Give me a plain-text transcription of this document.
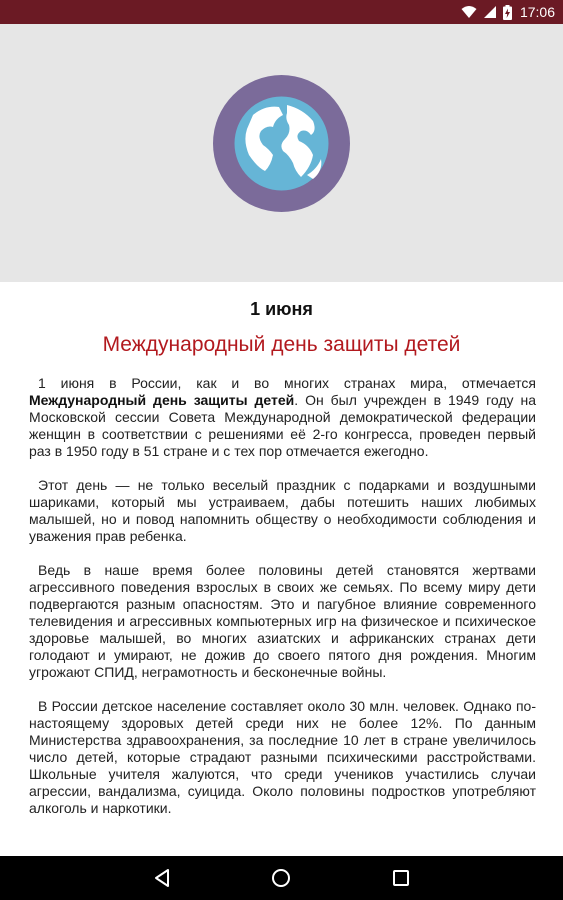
17:06
1 июня
Международный день защиты детей

1 июня в России, как и во многих странах мира, отмечается Международный день защиты детей. Он был учрежден в 1949 году на Московской сессии Совета Международной демократической федерации женщин в соответствии с решениями её 2-го конгресса, проведен первый раз в 1950 году в 51 стране и с тех пор отмечается ежегодно.

Этот день — не только веселый праздник с подарками и воздушными шариками, который мы устраиваем, дабы потешить наших любимых малышей, но и повод напомнить обществу о необходимости соблюдения и уважения прав ребенка.

Ведь в наше время более половины детей становятся жертвами агрессивного поведения взрослых в своих же семьях. По всему миру дети подвергаются разным опасностям. Это и пагубное влияние современного телевидения и агрессивных компьютерных игр на физическое и психическое здоровье малышей, во многих азиатских и африканских странах дети голодают и умирают, не дожив до своего пятого дня рождения. Многим угрожают СПИД, неграмотность и бесконечные войны.

В России детское население составляет около 30 млн. человек. Однако по-настоящему здоровых детей среди них не более 12%. По данным Министерства здравоохранения, за последние 10 лет в стране увеличилось число детей, которые страдают разными психическими расстройствами. Школьные учителя жалуются, что среди учеников участились случаи агрессии, вандализма, суицида. Около половины подростков употребляют алкоголь и наркотики.
